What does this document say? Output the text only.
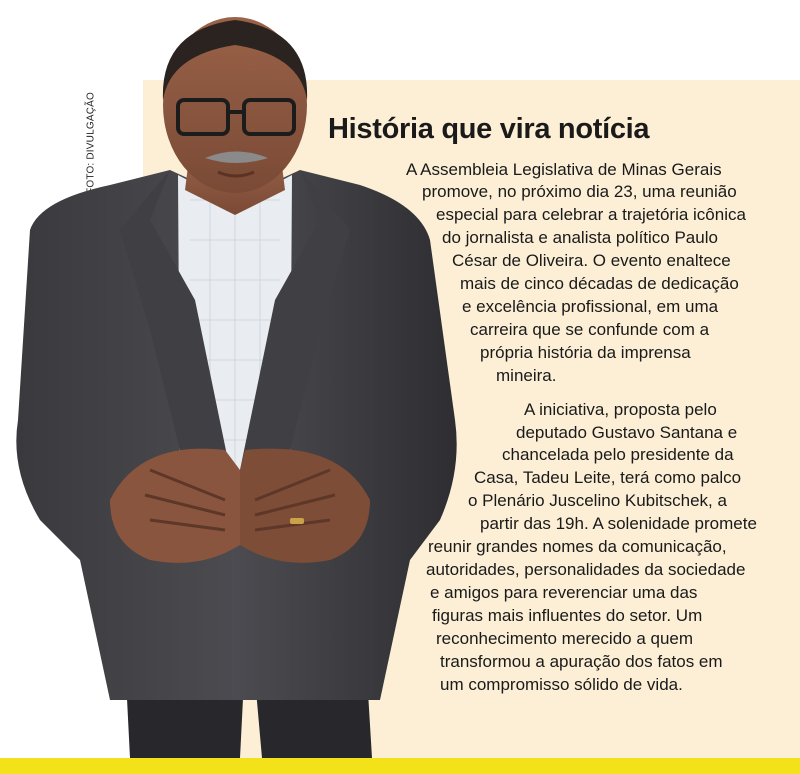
FOTO: DIVULGAÇÃO	História que vira notícia

A Assembleia Legislativa de Minas Gerais

promove, no próximo dia 23, uma reunião

especial para celebrar a trajetória icônica

do jornalista e analista político Paulo

César de Oliveira. O evento enaltece

mais de cinco décadas de dedicação

e excelência profissional, em uma

carreira que se confunde com a

própria história da imprensa

mineira.

A iniciativa, proposta pelo

deputado Gustavo Santana e

chancelada pelo presidente da

Casa, Tadeu Leite, terá como palco

o Plenário Juscelino Kubitschek, a

partir das 19h. A solenidade promete

reunir grandes nomes da comunicação,

autoridades, personalidades da sociedade

e amigos para reverenciar uma das

figuras mais influentes do setor. Um

reconhecimento merecido a quem

transformou a apuração dos fatos em

um compromisso sólido de vida.
